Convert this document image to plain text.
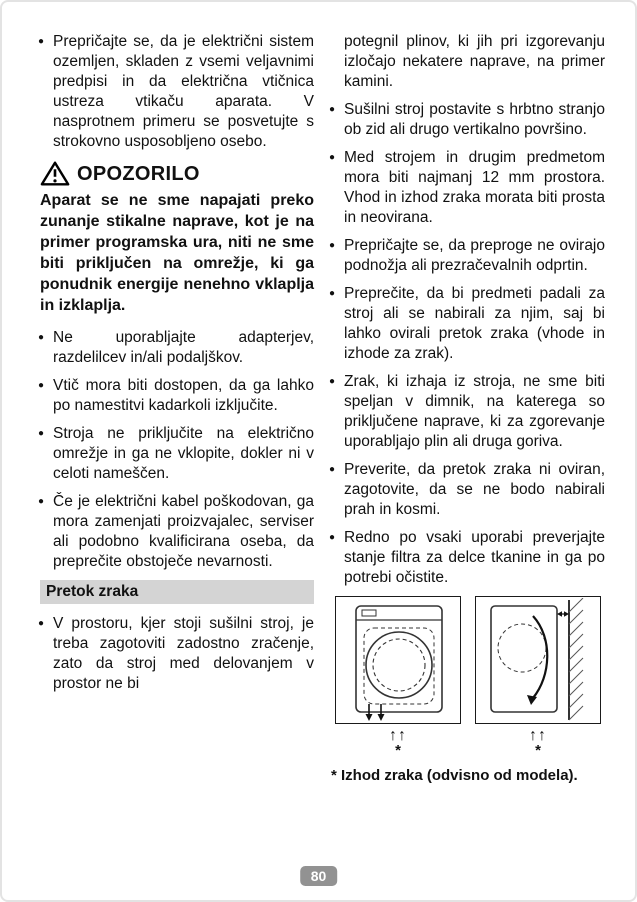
● Prepričajte se, da je električni sistem ozemljen, skladen z vsemi veljavnimi predpisi in da električna vtičnica ustreza vtikaču aparata. V nasprotnem primeru se posvetujte s strokovno usposobljeno osebo.
OPOZORILO
Aparat se ne sme napajati preko zunanje stikalne naprave, kot je na primer programska ura, niti ne sme biti priključen na omrežje, ki ga ponudnik energije nenehno vklaplja in izklaplja.
● Ne uporabljajte adapterjev, razdelilcev in/ali podaljškov.
● Vtič mora biti dostopen, da ga lahko po namestitvi kadarkoli izključite.
● Stroja ne priključite na električno omrežje in ga ne vklopite, dokler ni v celoti nameščen.
● Če je električni kabel poškodovan, ga mora zamenjati proizvajalec, serviser ali podobno kvalificirana oseba, da preprečite obstoječe nevarnosti.
Pretok zraka
● V prostoru, kjer stoji sušilni stroj, je treba zagotoviti zadostno zračenje, zato da stroj med delovanjem v prostor ne bi

potegnil plinov, ki jih pri izgorevanju izločajo nekatere naprave, na primer kamini.

● Sušilni stroj postavite s hrbtno stranjo ob zid ali drugo vertikalno površino.
● Med strojem in drugim predmetom mora biti najmanj 12 mm prostora. Vhod in izhod zraka morata biti prosta in neovirana.
● Prepričajte se, da preproge ne ovirajo podnožja ali prezračevalnih odprtin.
● Preprečite, da bi predmeti padali za stroj ali se nabirali za njim, saj bi lahko ovirali pretok zraka (vhode in izhode za zrak).
● Zrak, ki izhaja iz stroja, ne sme biti speljan v dimnik, na katerega so priključene naprave, ki za zgorevanje uporabljajo plin ali druga goriva.
● Preverite, da pretok zraka ni oviran, zagotovite, da se ne bodo nabirali prah in kosmi.
● Redno po vsaki uporabi preverjajte stanje filtra za delce tkanine in ga po potrebi očistite.
↑↑
*
↑↑
*
* Izhod zraka (odvisno od modela).
80
